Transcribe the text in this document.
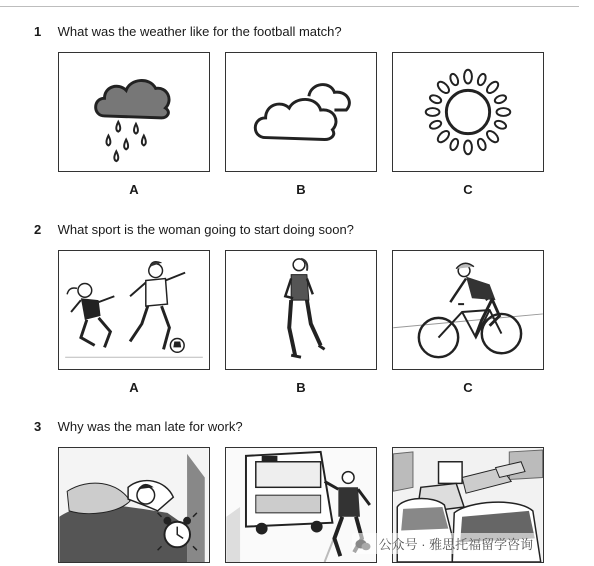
1 What was the weather like for the football match?
A	B	C
2 What sport is the woman going to start doing soon?
A	B	C
3 Why was the man late for work?
公众号 · 雅思托福留学咨询
